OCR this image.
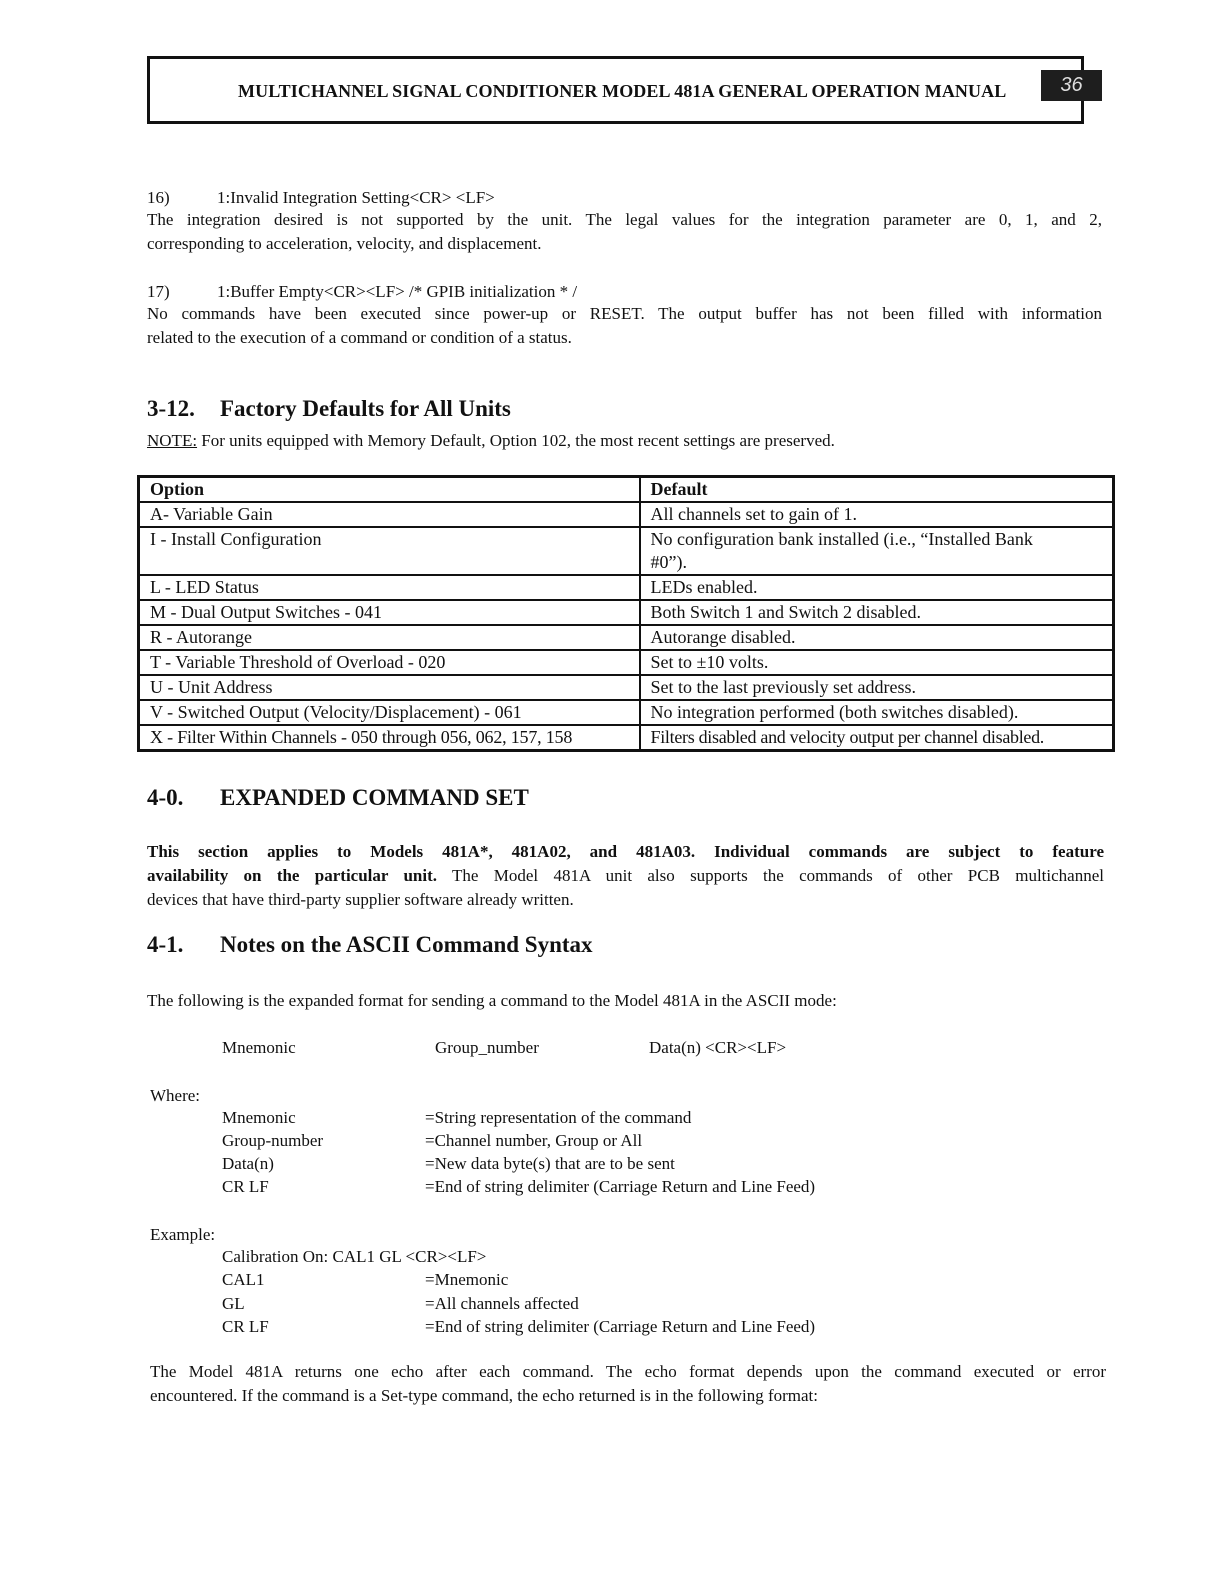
MULTICHANNEL SIGNAL CONDITIONER MODEL 481A GENERAL OPERATION MANUAL	36
16)	1:Invalid Integration Setting<CR> <LF>
The integration desired is not supported by the unit. The legal values for the integration parameter are 0, 1, and 2,
corresponding to acceleration, velocity, and displacement.
17)	1:Buffer Empty<CR><LF> /* GPIB initialization * /
No commands have been executed since power-up or RESET. The output buffer has not been filled with information
related to the execution of a command or condition of a status.
3-12. Factory Defaults for All Units
NOTE: For units equipped with Memory Default, Option 102, the most recent settings are preserved.
Option	Default
A- Variable Gain	All channels set to gain of 1.
I - Install Configuration	No configuration bank installed (i.e., “Installed Bank #0”).
L - LED Status	LEDs enabled.
M - Dual Output Switches - 041	Both Switch 1 and Switch 2 disabled.
R - Autorange	Autorange disabled.
T - Variable Threshold of Overload - 020	Set to ±10 volts.
U - Unit Address	Set to the last previously set address.
V - Switched Output (Velocity/Displacement) - 061	No integration performed (both switches disabled).
X - Filter Within Channels - 050 through 056, 062, 157, 158	Filters disabled and velocity output per channel disabled.
4-0. EXPANDED COMMAND SET
This section applies to Models 481A*, 481A02, and 481A03. Individual commands are subject to feature
availability on the particular unit. The Model 481A unit also supports the commands of other PCB multichannel
devices that have third-party supplier software already written.
4-1. Notes on the ASCII Command Syntax
The following is the expanded format for sending a command to the Model 481A in the ASCII mode:
Mnemonic	Group_number	Data(n) <CR><LF>
Where:
Mnemonic	=String representation of the command
Group-number	=Channel number, Group or All
Data(n)	=New data byte(s) that are to be sent
CR LF	=End of string delimiter (Carriage Return and Line Feed)
Example:
Calibration On: CAL1 GL <CR><LF>
CAL1	=Mnemonic
GL	=All channels affected
CR LF	=End of string delimiter (Carriage Return and Line Feed)
The Model 481A returns one echo after each command. The echo format depends upon the command executed or error
encountered. If the command is a Set-type command, the echo returned is in the following format:
